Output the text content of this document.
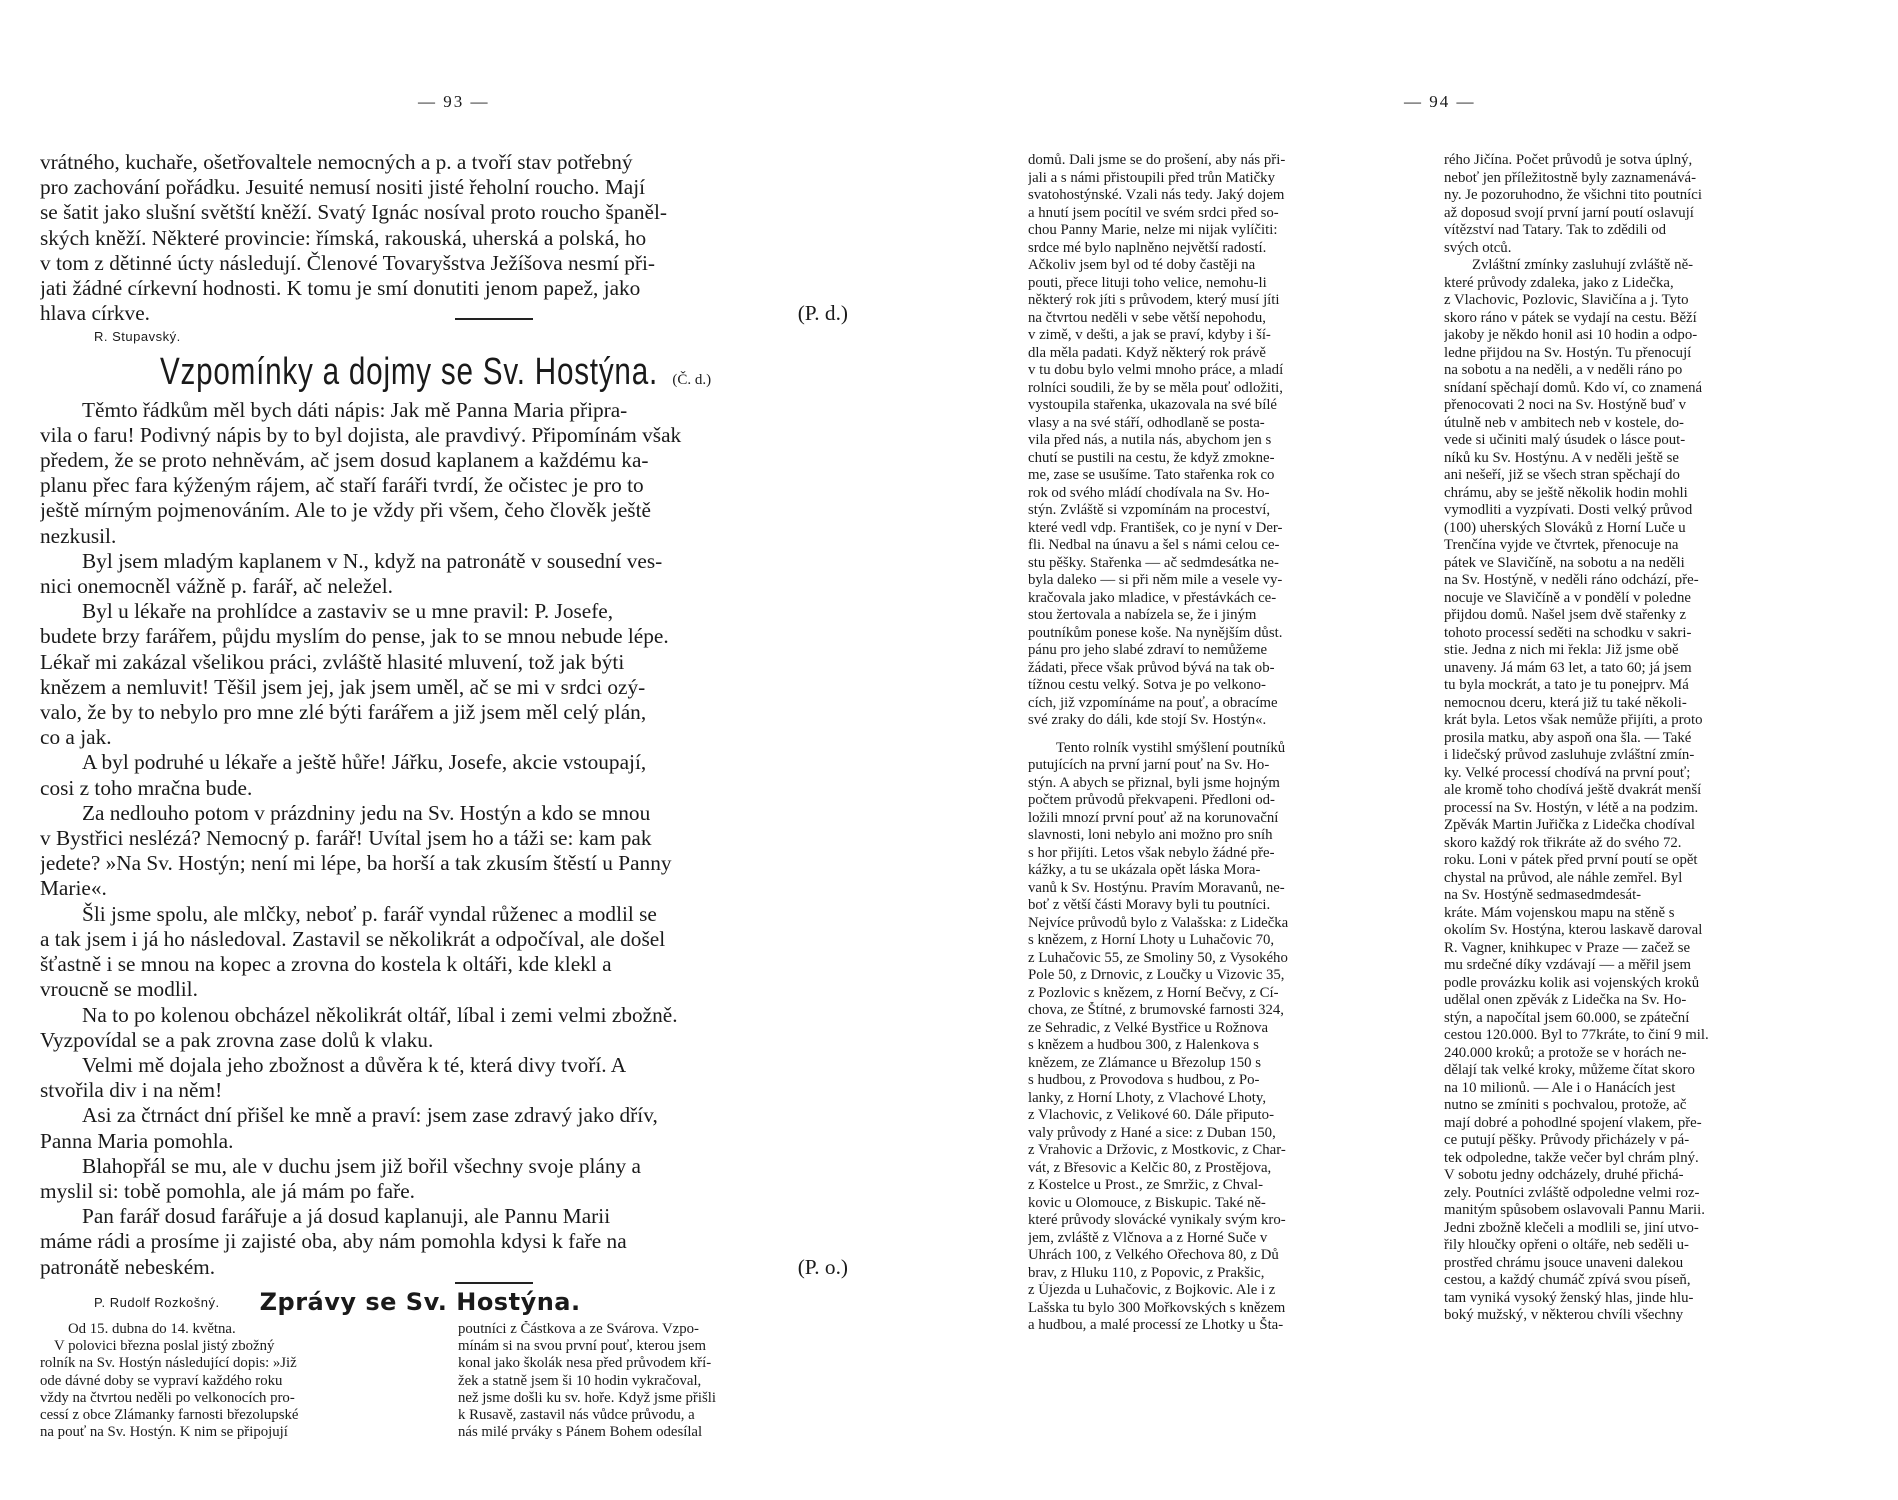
— 93 —	— 94 —
vrátného, kuchaře, ošetřovaltele nemocných a p. a tvoří stav potřebný
pro zachování pořádku. Jesuité nemusí nositi jisté řeholní roucho. Mají
se šatit jako slušní světští kněží. Svatý Ignác nosíval proto roucho španěl-
ských kněží. Některé provincie: římská, rakouská, uherská a polská, ho
v tom z dětinné úcty následují. Členové Tovaryšstva Ježíšova nesmí při-
jati žádné církevní hodnosti. K tomu je smí donutiti jenom papež, jako
hlava církve.	(P. d.)
R. Stupavský.
Vzpomínky a dojmy se Sv. Hostýna. (Č. d.)
Těmto řádkům měl bych dáti nápis: Jak mě Panna Maria připra-
vila o faru! Podivný nápis by to byl dojista, ale pravdivý. Připomínám však
předem, že se proto nehněvám, ač jsem dosud kaplanem a každému ka-
planu přec fara kýženým rájem, ač staří faráři tvrdí, že očistec je pro to
ještě mírným pojmenováním. Ale to je vždy při všem, čeho člověk ještě
nezkusil.
Byl jsem mladým kaplanem v N., když na patronátě v sousední ves-
nici onemocněl vážně p. farář, ač neležel.
Byl u lékaře na prohlídce a zastaviv se u mne pravil: P. Josefe,
budete brzy farářem, půjdu myslím do pense, jak to se mnou nebude lépe.
Lékař mi zakázal všelikou práci, zvláště hlasité mluvení, tož jak býti
knězem a nemluvit! Těšil jsem jej, jak jsem uměl, ač se mi v srdci ozý-
valo, že by to nebylo pro mne zlé býti farářem a již jsem měl celý plán,
co a jak.
A byl podruhé u lékaře a ještě hůře! Jářku, Josefe, akcie vstoupají,
cosi z toho mračna bude.
Za nedlouho potom v prázdniny jedu na Sv. Hostýn a kdo se mnou
v Bystřici neslézá? Nemocný p. farář! Uvítal jsem ho a táži se: kam pak
jedete? »Na Sv. Hostýn; není mi lépe, ba horší a tak zkusím štěstí u Panny
Marie«.
Šli jsme spolu, ale mlčky, neboť p. farář vyndal růženec a modlil se
a tak jsem i já ho následoval. Zastavil se několikrát a odpočíval, ale došel
šťastně i se mnou na kopec a zrovna do kostela k oltáři, kde klekl a
vroucně se modlil.
Na to po kolenou obcházel několikrát oltář, líbal i zemi velmi zbožně.
Vyzpovídal se a pak zrovna zase dolů k vlaku.
Velmi mě dojala jeho zbožnost a důvěra k té, která divy tvoří. A
stvořila div i na něm!
Asi za čtrnáct dní přišel ke mně a praví: jsem zase zdravý jako dřív,
Panna Maria pomohla.
Blahopřál se mu, ale v duchu jsem již bořil všechny svoje plány a
myslil si: tobě pomohla, ale já mám po faře.
Pan farář dosud farářuje a já dosud kaplanuji, ale Pannu Marii
máme rádi a prosíme ji zajisté oba, aby nám pomohla kdysi k faře na
patronátě nebeském.	(P. o.)
P. Rudolf Rozkošný. Zprávy se Sv. Hostýna.
Od 15. dubna do 14. května.
V polovici března poslal jistý zbožný
rolník na Sv. Hostýn následující dopis: »Již
ode dávné doby se vypraví každého roku
vždy na čtvrtou neděli po velkonocích pro-
cessí z obce Zlámanky farnosti březolupské
na pouť na Sv. Hostýn. K nim se připojují
poutníci z Částkova a ze Svárova. Vzpo-
mínám si na svou první pouť, kterou jsem
konal jako školák nesa před průvodem kří-
žek a statně jsem ši 10 hodin vykračoval,
než jsme došli ku sv. hoře. Když jsme přišli
k Rusavě, zastavil nás vůdce průvodu, a
nás milé prváky s Pánem Bohem odesílal
domů. Dali jsme se do prošení, aby nás při-
jali a s námi přistoupili před trůn Matičky
svatohostýnské. Vzali nás tedy. Jaký dojem
a hnutí jsem pocítil ve svém srdci před so-
chou Panny Marie, nelze mi nijak vylíčiti:
srdce mé bylo naplněno největší radostí.
Ačkoliv jsem byl od té doby častěji na
pouti, přece lituji toho velice, nemohu-li
některý rok jíti s průvodem, který musí jíti
na čtvrtou neděli v sebe větší nepohodu,
v zimě, v dešti, a jak se praví, kdyby i ší-
dla měla padati. Když některý rok právě
v tu dobu bylo velmi mnoho práce, a mladí
rolníci soudili, že by se měla pouť odložiti,
vystoupila stařenka, ukazovala na své bílé
vlasy a na své stáří, odhodlaně se posta-
vila před nás, a nutila nás, abychom jen s
chutí se pustili na cestu, že když zmokne-
me, zase se usušíme. Tato stařenka rok co
rok od svého mládí chodívala na Sv. Ho-
stýn. Zvláště si vzpomínám na proceství,
které vedl vdp. František, co je nyní v Der-
fli. Nedbal na únavu a šel s námi celou ce-
stu pěšky. Stařenka — ač sedmdesátka ne-
byla daleko — si při něm mile a vesele vy-
kračovala jako mladice, v přestávkách ce-
stou žertovala a nabízela se, že i jiným
poutníkům ponese koše. Na nynějším důst.
pánu pro jeho slabé zdraví to nemůžeme
žádati, přece však průvod bývá na tak ob-
tížnou cestu velký. Sotva je po velkono-
cích, již vzpomínáme na pouť, a obracíme
své zraky do dáli, kde stojí Sv. Hostýn«.
Tento rolník vystihl smýšlení poutníků
putujících na první jarní pouť na Sv. Ho-
stýn. A abych se přiznal, byli jsme hojným
počtem průvodů překvapeni. Předloni od-
ložili mnozí první pouť až na korunovační
slavnosti, loni nebylo ani možno pro sníh
s hor přijíti. Letos však nebylo žádné pře-
kážky, a tu se ukázala opět láska Mora-
vanů k Sv. Hostýnu. Pravím Moravanů, ne-
boť z větší části Moravy byli tu poutníci.
Nejvíce průvodů bylo z Valašska: z Lidečka
s knězem, z Horní Lhoty u Luhačovic 70,
z Luhačovic 55, ze Smoliny 50, z Vysokého
Pole 50, z Drnovic, z Loučky u Vizovic 35,
z Pozlovic s knězem, z Horní Bečvy, z Cí-
chova, ze Štítné, z brumovské farnosti 324,
ze Sehradic, z Velké Bystřice u Rožnova
s knězem a hudbou 300, z Halenkova s
knězem, ze Zlámance u Březolup 150 s
s hudbou, z Provodova s hudbou, z Po-
lanky, z Horní Lhoty, z Vlachové Lhoty,
z Vlachovic, z Velikové 60. Dále připuto-
valy průvody z Hané a sice: z Duban 150,
z Vrahovic a Držovic, z Mostkovic, z Char-
vát, z Břesovic a Kelčic 80, z Prostějova,
z Kostelce u Prost., ze Smržic, z Chval-
kovic u Olomouce, z Biskupic. Také ně-
které průvody slovácké vynikaly svým kro-
jem, zvláště z Vlčnova a z Horné Suče v
Uhrách 100, z Velkého Ořechova 80, z Dů
brav, z Hluku 110, z Popovic, z Prakšic,
z Újezda u Luhačovic, z Bojkovic. Ale i z
Lašska tu bylo 300 Mořkovských s knězem
a hudbou, a malé processí ze Lhotky u Šta-
rého Jičína. Počet průvodů je sotva úplný,
neboť jen příležitostně byly zaznamenává-
ny. Je pozoruhodno, že všichni tito poutníci
až doposud svojí první jarní poutí oslavují
vítězství nad Tatary. Tak to zdědili od
svých otců.
Zvláštní zmínky zasluhují zvláště ně-
které průvody zdaleka, jako z Lidečka,
z Vlachovic, Pozlovic, Slavičína a j. Tyto
skoro ráno v pátek se vydají na cestu. Běží
jakoby je někdo honil asi 10 hodin a odpo-
ledne přijdou na Sv. Hostýn. Tu přenocují
na sobotu a na neděli, a v neděli ráno po
snídaní spěchají domů. Kdo ví, co znamená
přenocovati 2 noci na Sv. Hostýně buď v
útulně neb v ambitech neb v kostele, do-
vede si učiniti malý úsudek o lásce pout-
níků ku Sv. Hostýnu. A v neděli ještě se
ani nešeří, již se všech stran spěchají do
chrámu, aby se ještě několik hodin mohli
vymodliti a vyzpívati. Dosti velký průvod
(100) uherských Slováků z Horní Luče u
Trenčína vyjde ve čtvrtek, přenocuje na
pátek ve Slavičíně, na sobotu a na neděli
na Sv. Hostýně, v neděli ráno odchází, pře-
nocuje ve Slavičíně a v pondělí v poledne
přijdou domů. Našel jsem dvě stařenky z
tohoto processí seděti na schodku v sakri-
stie. Jedna z nich mi řekla: Již jsme obě
unaveny. Já mám 63 let, a tato 60; já jsem
tu byla mockrát, a tato je tu ponejprv. Má
nemocnou dceru, která již tu také několi-
krát byla. Letos však nemůže přijíti, a proto
prosila matku, aby aspoň ona šla. — Také
i lidečský průvod zasluhuje zvláštní zmín-
ky. Velké processí chodívá na první pouť;
ale kromě toho chodívá ještě dvakrát menší
processí na Sv. Hostýn, v létě a na podzim.
Zpěvák Martin Juřička z Lidečka chodíval
skoro každý rok třikráte až do svého 72.
roku. Loni v pátek před první poutí se opět
chystal na průvod, ale náhle zemřel. Byl
na Sv. Hostýně sedmasedmdesát-
kráte. Mám vojenskou mapu na stěně s
okolím Sv. Hostýna, kterou laskavě daroval
R. Vagner, knihkupec v Praze — začež se
mu srdečné díky vzdávají — a měřil jsem
podle provázku kolik asi vojenských kroků
udělal onen zpěvák z Lidečka na Sv. Ho-
stýn, a napočítal jsem 60.000, se zpáteční
cestou 120.000. Byl to 77kráte, to činí 9 mil.
240.000 kroků; a protože se v horách ne-
dělají tak velké kroky, můžeme čítat skoro
na 10 milionů. — Ale i o Hanácích jest
nutno se zmíniti s pochvalou, protože, ač
mají dobré a pohodlné spojení vlakem, pře-
ce putují pěšky. Průvody přicházely v pá-
tek odpoledne, takže večer byl chrám plný.
V sobotu jedny odcházely, druhé přichá-
zely. Poutníci zvláště odpoledne velmi roz-
manitým spůsobem oslavovali Pannu Marii.
Jedni zbožně klečeli a modlili se, jiní utvo-
řily hloučky opřeni o oltáře, neb seděli u-
prostřed chrámu jsouce unaveni dalekou
cestou, a každý chumáč zpívá svou píseň,
tam vyniká vysoký ženský hlas, jinde hlu-
boký mužský, v některou chvíli všechny
